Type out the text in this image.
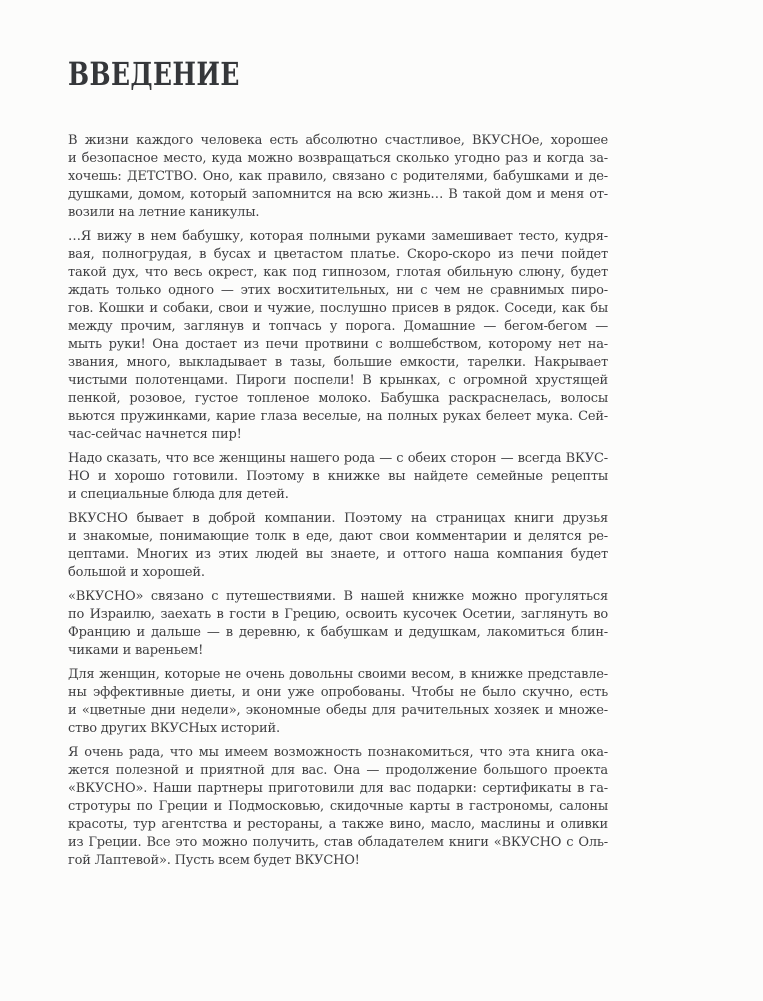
ВВЕДЕНИЕ
В жизни каждого человека есть абсолютно счастливое, ВКУСНОе, хорошее
и безопасное место, куда можно возвращаться сколько угодно раз и когда за-
хочешь: ДЕТСТВО. Оно, как правило, связано с родителями, бабушками и де-
душками, домом, который запомнится на всю жизнь… В такой дом и меня от-
возили на летние каникулы.
…Я вижу в нем бабушку, которая полными руками замешивает тесто, кудря-
вая, полногрудая, в бусах и цветастом платье. Скоро-скоро из печи пойдет
такой дух, что весь окрест, как под гипнозом, глотая обильную слюну, будет
ждать только одного — этих восхитительных, ни с чем не сравнимых пиро-
гов. Кошки и собаки, свои и чужие, послушно присев в рядок. Соседи, как бы
между прочим, заглянув и топчась у порога. Домашние — бегом-бегом —
мыть руки! Она достает из печи протвини с волшебством, которому нет на-
звания, много, выкладывает в тазы, большие емкости, тарелки. Накрывает
чистыми полотенцами. Пироги поспели! В крынках, с огромной хрустящей
пенкой, розовое, густое топленое молоко. Бабушка раскраснелась, волосы
вьются пружинками, карие глаза веселые, на полных руках белеет мука. Сей-
час-сейчас начнется пир!
Надо сказать, что все женщины нашего рода — с обеих сторон — всегда ВКУС-
НО и хорошо готовили. Поэтому в книжке вы найдете семейные рецепты
и специальные блюда для детей.
ВКУСНО бывает в доброй компании. Поэтому на страницах книги друзья
и знакомые, понимающие толк в еде, дают свои комментарии и делятся ре-
цептами. Многих из этих людей вы знаете, и оттого наша компания будет
большой и хорошей.
«ВКУСНО» связано с путешествиями. В нашей книжке можно прогуляться
по Израилю, заехать в гости в Грецию, освоить кусочек Осетии, заглянуть во
Францию и дальше — в деревню, к бабушкам и дедушкам, лакомиться блин-
чиками и вареньем!
Для женщин, которые не очень довольны своими весом, в книжке представле-
ны эффективные диеты, и они уже опробованы. Чтобы не было скучно, есть
и «цветные дни недели», экономные обеды для рачительных хозяек и множе-
ство других ВКУСНых историй.
Я очень рада, что мы имеем возможность познакомиться, что эта книга ока-
жется полезной и приятной для вас. Она — продолжение большого проекта
«ВКУСНО». Наши партнеры приготовили для вас подарки: сертификаты в га-
стротуры по Греции и Подмосковью, скидочные карты в гастрономы, салоны
красоты, тур агентства и рестораны, а также вино, масло, маслины и оливки
из Греции. Все это можно получить, став обладателем книги «ВКУСНО с Оль-
гой Лаптевой». Пусть всем будет ВКУСНО!
